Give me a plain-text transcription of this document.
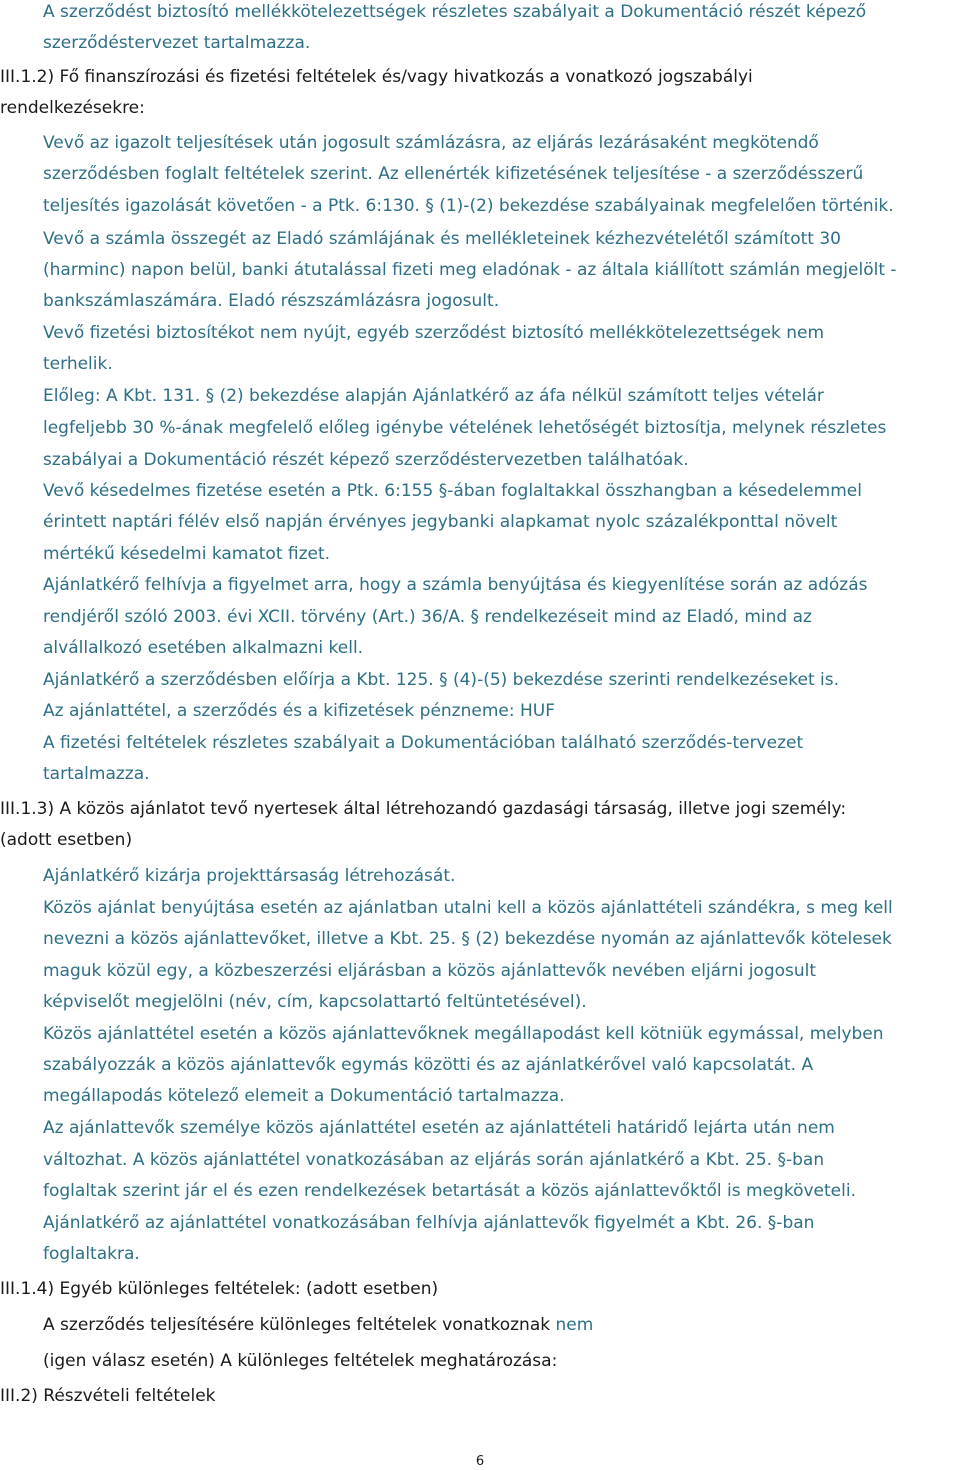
A szerződést biztosító mellékkötelezettségek részletes szabályait a Dokumentáció részét képező
szerződéstervezet tartalmazza.
III.1.2) Fő finanszírozási és fizetési feltételek és/vagy hivatkozás a vonatkozó jogszabályi
rendelkezésekre:
Vevő az igazolt teljesítések után jogosult számlázásra, az eljárás lezárásaként megkötendő
szerződésben foglalt feltételek szerint. Az ellenérték kifizetésének teljesítése - a szerződésszerű
teljesítés igazolását követően - a Ptk. 6:130. § (1)-(2) bekezdése szabályainak megfelelően történik.
Vevő a számla összegét az Eladó számlájának és mellékleteinek kézhezvételétől számított 30
(harminc) napon belül, banki átutalással fizeti meg eladónak - az általa kiállított számlán megjelölt -
bankszámlaszámára. Eladó részszámlázásra jogosult.
Vevő fizetési biztosítékot nem nyújt, egyéb szerződést biztosító mellékkötelezettségek nem
terhelik.
Előleg: A Kbt. 131. § (2) bekezdése alapján Ajánlatkérő az áfa nélkül számított teljes vételár
legfeljebb 30 %-ának megfelelő előleg igénybe vételének lehetőségét biztosítja, melynek részletes
szabályai a Dokumentáció részét képező szerződéstervezetben találhatóak.
Vevő késedelmes fizetése esetén a Ptk. 6:155 §-ában foglaltakkal összhangban a késedelemmel
érintett naptári félév első napján érvényes jegybanki alapkamat nyolc százalékponttal növelt
mértékű késedelmi kamatot fizet.
Ajánlatkérő felhívja a figyelmet arra, hogy a számla benyújtása és kiegyenlítése során az adózás
rendjéről szóló 2003. évi XCII. törvény (Art.) 36/A. § rendelkezéseit mind az Eladó, mind az
alvállalkozó esetében alkalmazni kell.
Ajánlatkérő a szerződésben előírja a Kbt. 125. § (4)-(5) bekezdése szerinti rendelkezéseket is.
Az ajánlattétel, a szerződés és a kifizetések pénzneme: HUF
A fizetési feltételek részletes szabályait a Dokumentációban található szerződés-tervezet
tartalmazza.
III.1.3) A közös ajánlatot tevő nyertesek által létrehozandó gazdasági társaság, illetve jogi személy:
(adott esetben)
Ajánlatkérő kizárja projekttársaság létrehozását.
Közös ajánlat benyújtása esetén az ajánlatban utalni kell a közös ajánlattételi szándékra, s meg kell
nevezni a közös ajánlattevőket, illetve a Kbt. 25. § (2) bekezdése nyomán az ajánlattevők kötelesek
maguk közül egy, a közbeszerzési eljárásban a közös ajánlattevők nevében eljárni jogosult
képviselőt megjelölni (név, cím, kapcsolattartó feltüntetésével).
Közös ajánlattétel esetén a közös ajánlattevőknek megállapodást kell kötniük egymással, melyben
szabályozzák a közös ajánlattevők egymás közötti és az ajánlatkérővel való kapcsolatát. A
megállapodás kötelező elemeit a Dokumentáció tartalmazza.
Az ajánlattevők személye közös ajánlattétel esetén az ajánlattételi határidő lejárta után nem
változhat. A közös ajánlattétel vonatkozásában az eljárás során ajánlatkérő a Kbt. 25. §-ban
foglaltak szerint jár el és ezen rendelkezések betartását a közös ajánlattevőktől is megköveteli.
Ajánlatkérő az ajánlattétel vonatkozásában felhívja ajánlattevők figyelmét a Kbt. 26. §-ban
foglaltakra.
III.1.4) Egyéb különleges feltételek: (adott esetben)
A szerződés teljesítésére különleges feltételek vonatkoznak nem
(igen válasz esetén) A különleges feltételek meghatározása:
III.2) Részvételi feltételek
6
